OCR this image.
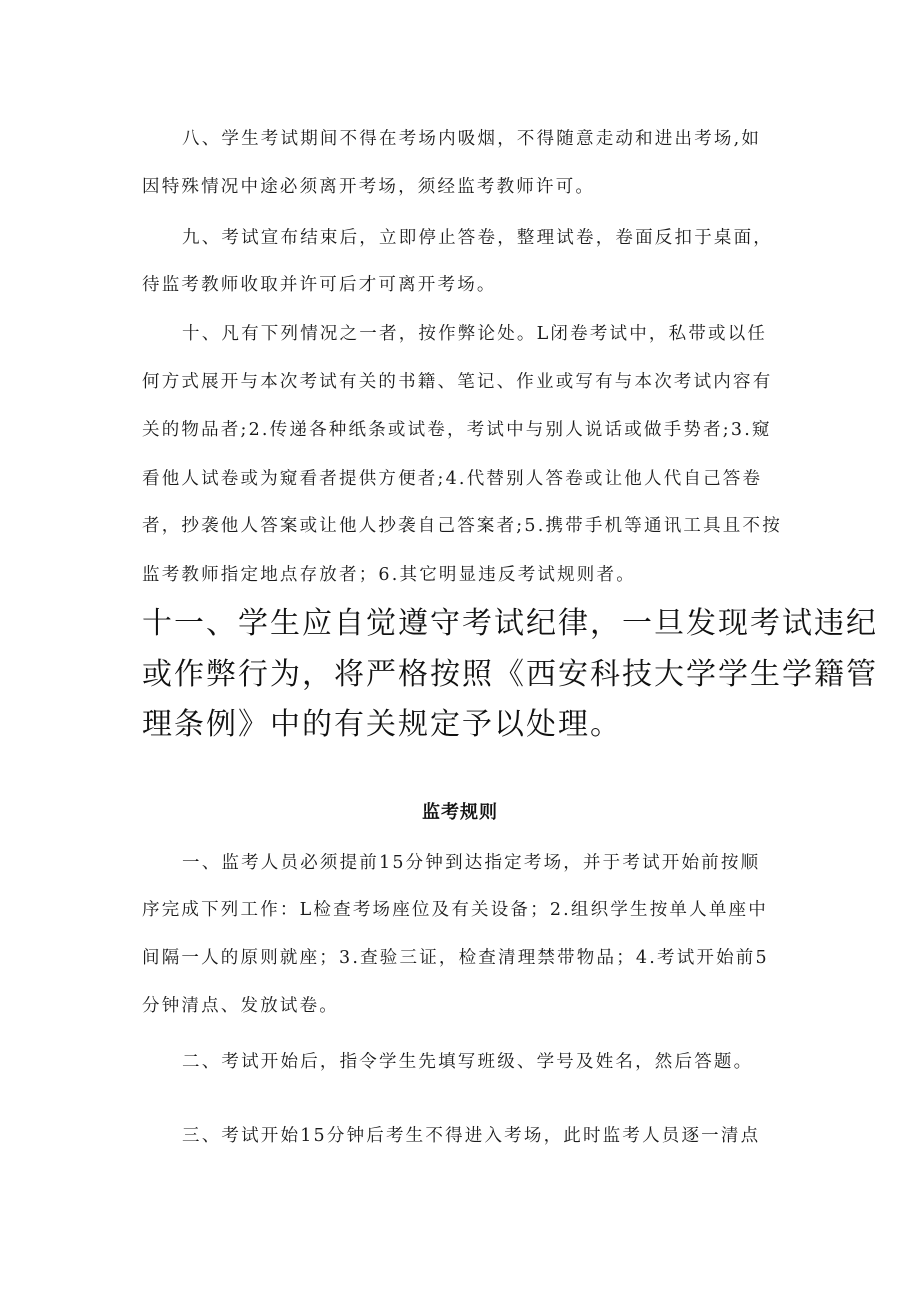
八、学生考试期间不得在考场内吸烟，不得随意走动和进出考场,如
因特殊情况中途必须离开考场，须经监考教师许可。
九、考试宣布结束后，立即停止答卷，整理试卷，卷面反扣于桌面，
待监考教师收取并许可后才可离开考场。
十、凡有下列情况之一者，按作弊论处。L闭卷考试中，私带或以任
何方式展开与本次考试有关的书籍、笔记、作业或写有与本次考试内容有
关的物品者;2.传递各种纸条或试卷，考试中与别人说话或做手势者;3.窥
看他人试卷或为窥看者提供方便者;4.代替别人答卷或让他人代自己答卷
者，抄袭他人答案或让他人抄袭自己答案者;5.携带手机等通讯工具且不按
监考教师指定地点存放者；6.其它明显违反考试规则者。
十一、学生应自觉遵守考试纪律，一旦发现考试违纪
或作弊行为，将严格按照《西安科技大学学生学籍管
理条例》中的有关规定予以处理。
监考规则
一、监考人员必须提前15分钟到达指定考场，并于考试开始前按顺
序完成下列工作：L检查考场座位及有关设备；2.组织学生按单人单座中
间隔一人的原则就座；3.查验三证，检查清理禁带物品；4.考试开始前5
分钟清点、发放试卷。
二、考试开始后，指令学生先填写班级、学号及姓名，然后答题。
三、考试开始15分钟后考生不得进入考场，此时监考人员逐一清点
